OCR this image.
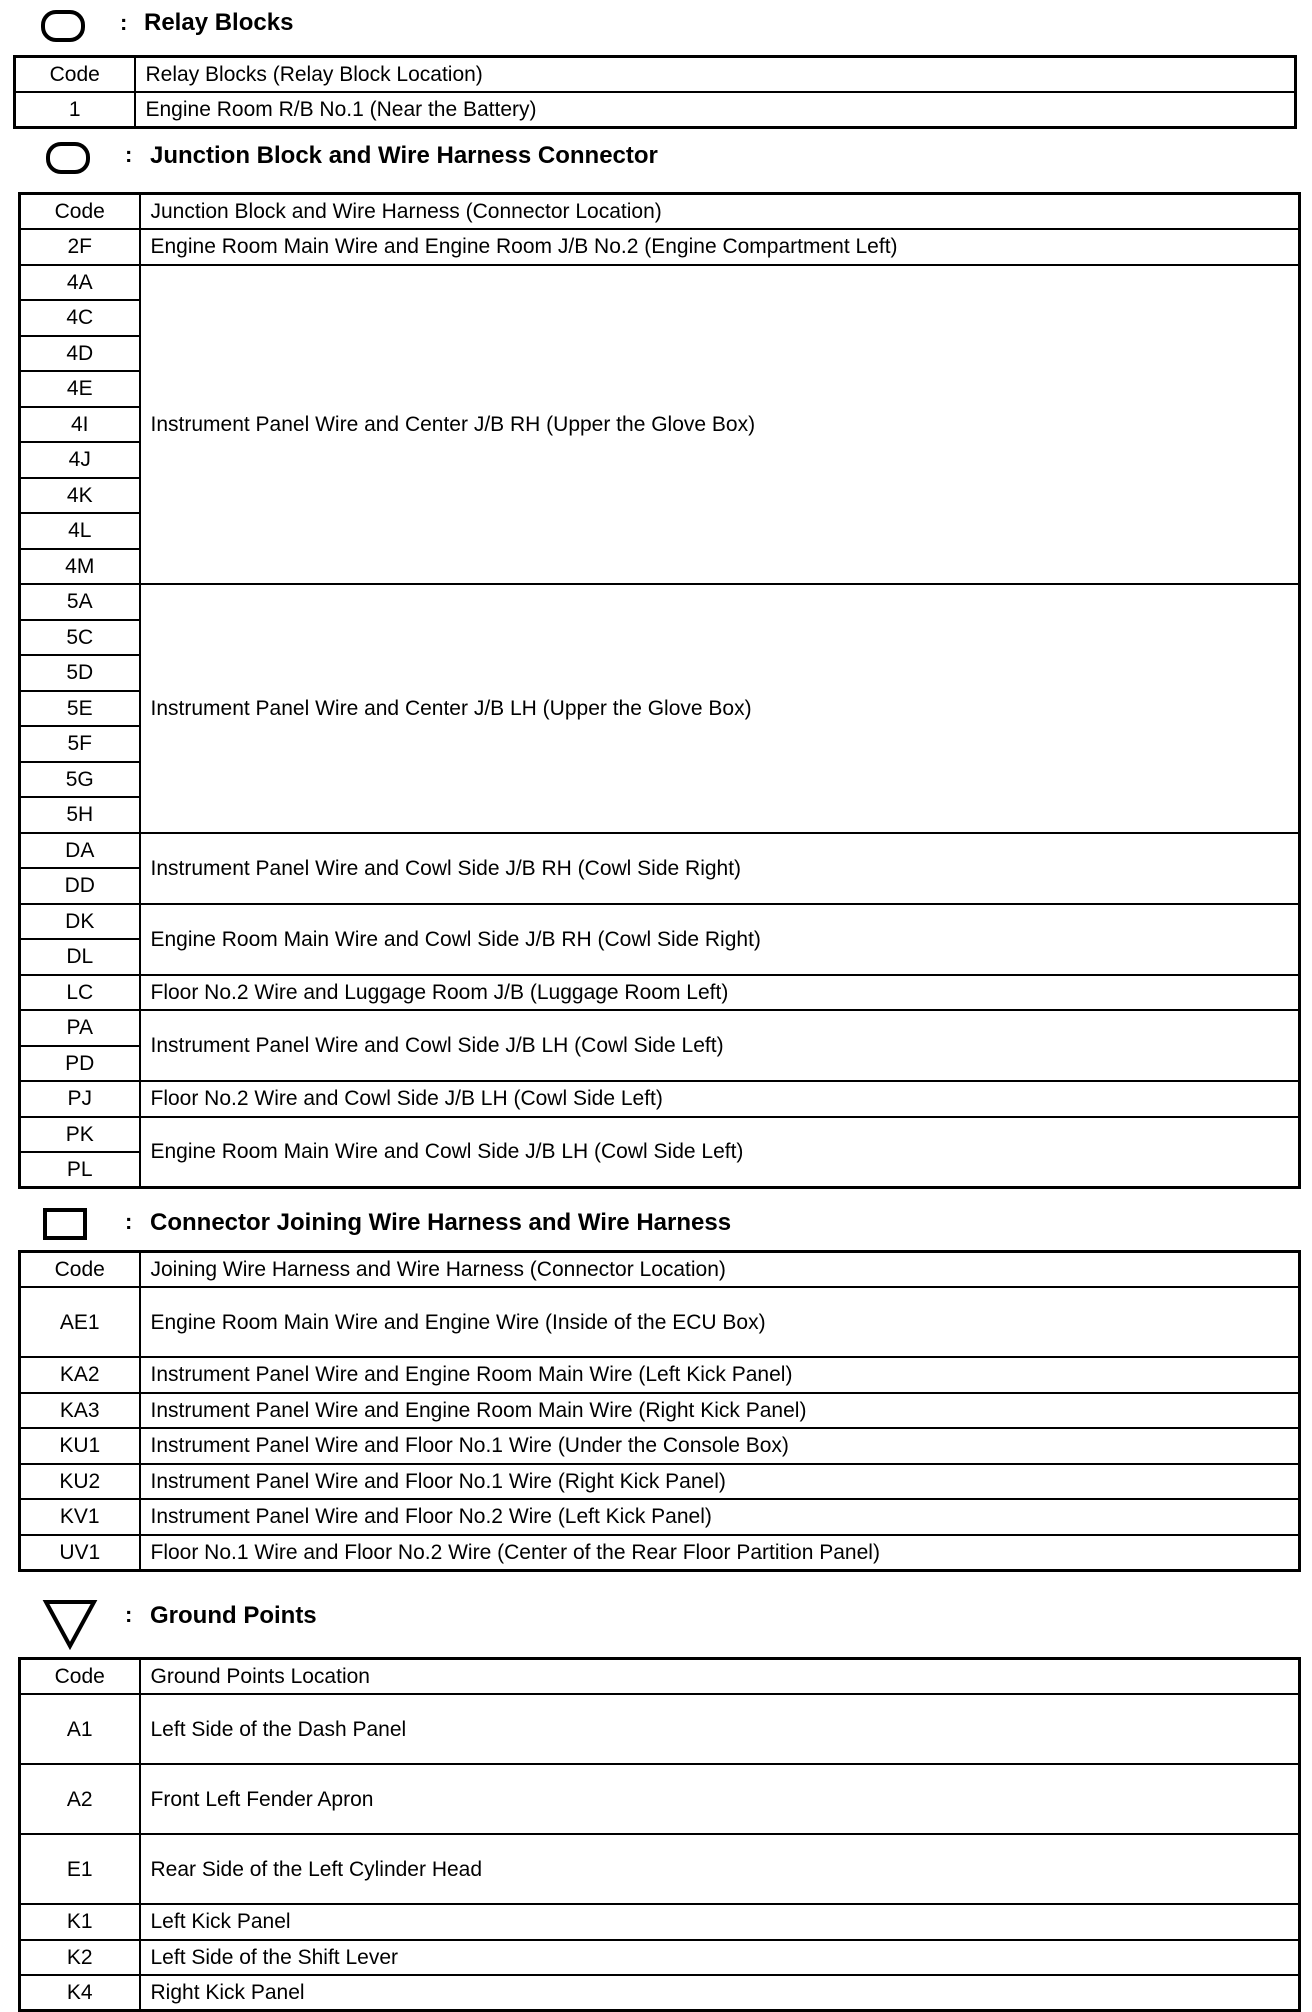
: Relay Blocks
Code	Relay Blocks (Relay Block Location)
1	Engine Room R/B No.1 (Near the Battery)
: Junction Block and Wire Harness Connector
Code	Junction Block and Wire Harness (Connector Location)
2F	Engine Room Main Wire and Engine Room J/B No.2 (Engine Compartment Left)
4A	Instrument Panel Wire and Center J/B RH (Upper the Glove Box)
4C	
4D	
4E	
4I	
4J	
4K	
4L	
4M	
5A	Instrument Panel Wire and Center J/B LH (Upper the Glove Box)
5C	
5D	
5E	
5F	
5G	
5H	
DA	Instrument Panel Wire and Cowl Side J/B RH (Cowl Side Right)
DD	
DK	Engine Room Main Wire and Cowl Side J/B RH (Cowl Side Right)
DL	
LC	Floor No.2 Wire and Luggage Room J/B (Luggage Room Left)
PA	Instrument Panel Wire and Cowl Side J/B LH (Cowl Side Left)
PD	
PJ	Floor No.2 Wire and Cowl Side J/B LH (Cowl Side Left)
PK	Engine Room Main Wire and Cowl Side J/B LH (Cowl Side Left)
PL	
: Connector Joining Wire Harness and Wire Harness
Code	Joining Wire Harness and Wire Harness (Connector Location)
AE1	Engine Room Main Wire and Engine Wire (Inside of the ECU Box)
KA2	Instrument Panel Wire and Engine Room Main Wire (Left Kick Panel)
KA3	Instrument Panel Wire and Engine Room Main Wire (Right Kick Panel)
KU1	Instrument Panel Wire and Floor No.1 Wire (Under the Console Box)
KU2	Instrument Panel Wire and Floor No.1 Wire (Right Kick Panel)
KV1	Instrument Panel Wire and Floor No.2 Wire (Left Kick Panel)
UV1	Floor No.1 Wire and Floor No.2 Wire (Center of the Rear Floor Partition Panel)
: Ground Points
Code	Ground Points Location
A1	Left Side of the Dash Panel
A2	Front Left Fender Apron
E1	Rear Side of the Left Cylinder Head
K1	Left Kick Panel
K2	Left Side of the Shift Lever
K4	Right Kick Panel
